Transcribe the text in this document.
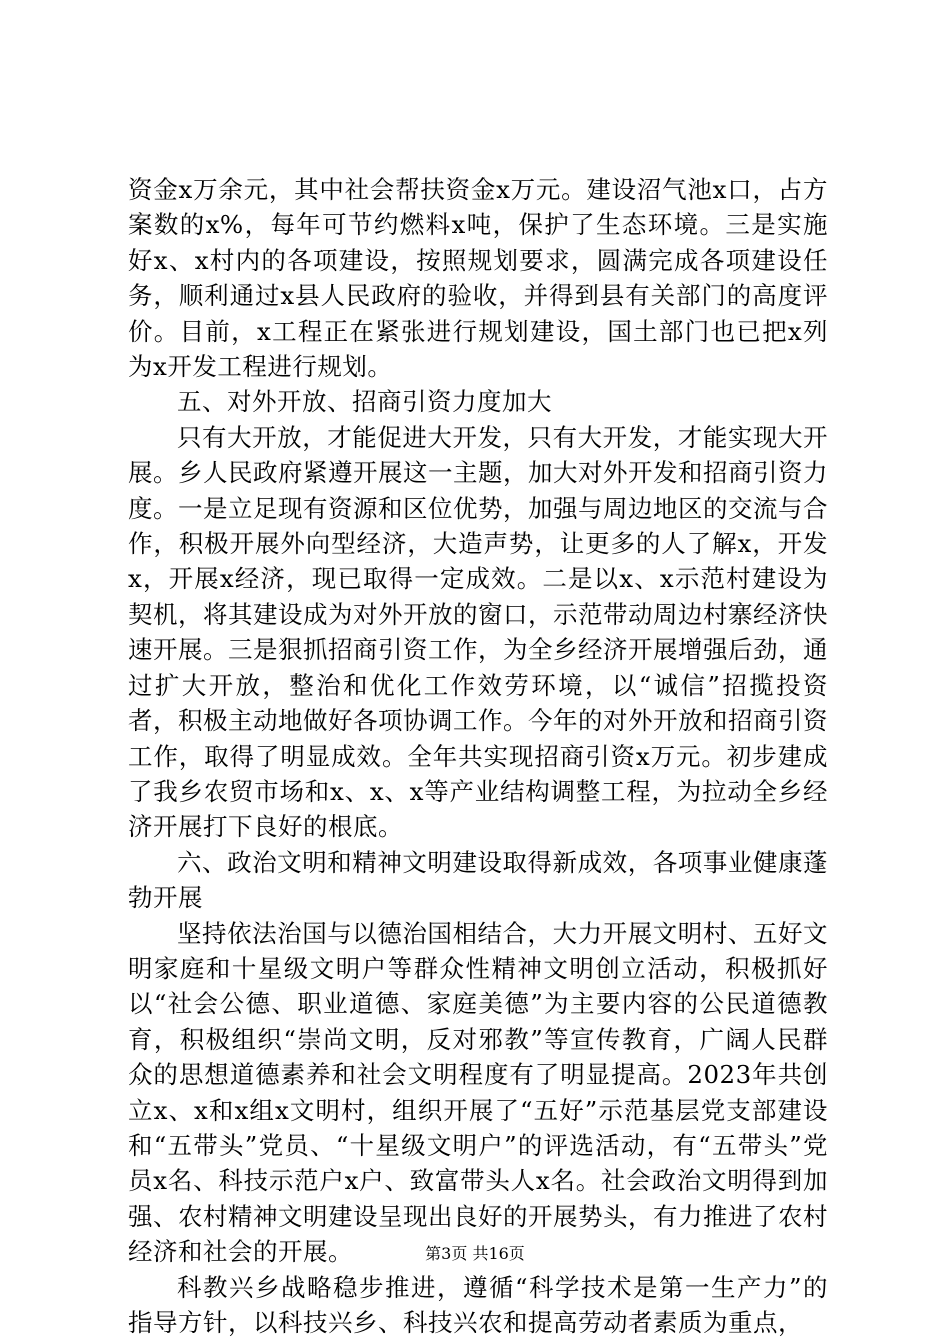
资金x万余元，其中社会帮扶资金x万元。建设沼气池x口，占方案数的x%，每年可节约燃料x吨，保护了生态环境。三是实施好x、x村内的各项建设，按照规划要求，圆满完成各项建设任务，顺利通过x县人民政府的验收，并得到县有关部门的高度评价。目前，x工程正在紧张进行规划建设，国土部门也已把x列为x开发工程进行规划。

五、对外开放、招商引资力度加大

只有大开放，才能促进大开发，只有大开发，才能实现大开展。乡人民政府紧遵开展这一主题，加大对外开发和招商引资力度。一是立足现有资源和区位优势，加强与周边地区的交流与合作，积极开展外向型经济，大造声势，让更多的人了解x，开发x，开展x经济，现已取得一定成效。二是以x、x示范村建设为契机，将其建设成为对外开放的窗口，示范带动周边村寨经济快速开展。三是狠抓招商引资工作，为全乡经济开展增强后劲，通过扩大开放，整治和优化工作效劳环境，以“诚信”招揽投资者，积极主动地做好各项协调工作。今年的对外开放和招商引资工作，取得了明显成效。全年共实现招商引资x万元。初步建成了我乡农贸市场和x、x、x等产业结构调整工程，为拉动全乡经济开展打下良好的根底。

六、政治文明和精神文明建设取得新成效，各项事业健康蓬勃开展

坚持依法治国与以德治国相结合，大力开展文明村、五好文明家庭和十星级文明户等群众性精神文明创立活动，积极抓好以“社会公德、职业道德、家庭美德”为主要内容的公民道德教育，积极组织“崇尚文明，反对邪教”等宣传教育，广阔人民群众的思想道德素养和社会文明程度有了明显提高。2023年共创立x、x和x组x文明村，组织开展了“五好”示范基层党支部建设和“五带头”党员、“十星级文明户”的评选活动，有“五带头”党员x名、科技示范户x户、致富带头人x名。社会政治文明得到加强、农村精神文明建设呈现出良好的开展势头，有力推进了农村经济和社会的开展。

科教兴乡战略稳步推进，遵循“科学技术是第一生产力”的指导方针，以科技兴乡、科技兴农和提高劳动者素质为重点，

第3页 共16页
